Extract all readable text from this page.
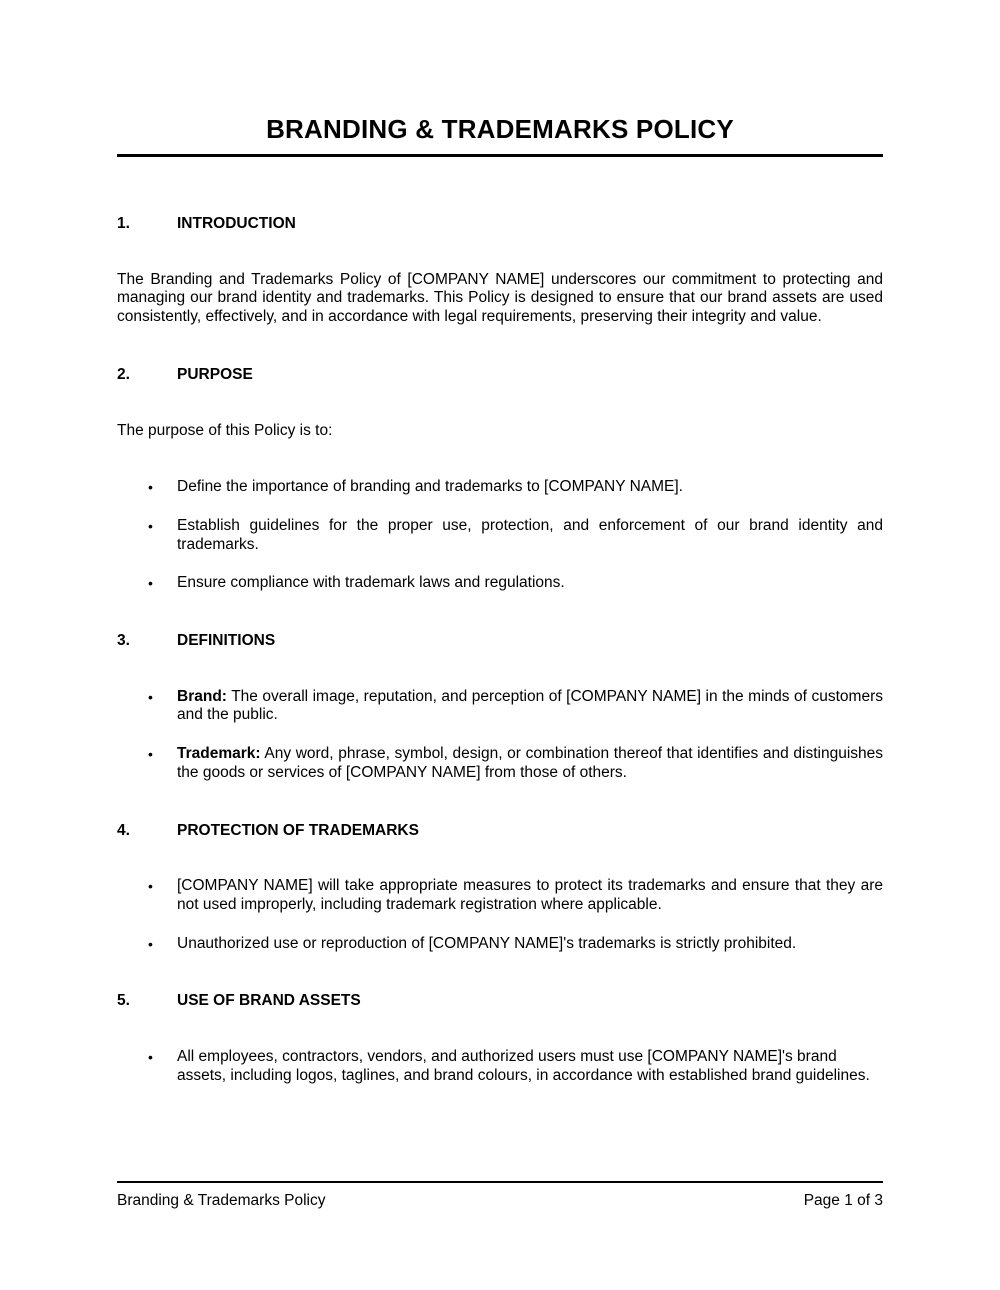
BRANDING & TRADEMARKS POLICY
1.	INTRODUCTION

The Branding and Trademarks Policy of [COMPANY NAME] underscores our commitment to protecting and managing our brand identity and trademarks. This Policy is designed to ensure that our brand assets are used consistently, effectively, and in accordance with legal requirements, preserving their integrity and value.

2.	PURPOSE

The purpose of this Policy is to:

•	Define the importance of branding and trademarks to [COMPANY NAME].
•	Establish guidelines for the proper use, protection, and enforcement of our brand identity and trademarks.
•	Ensure compliance with trademark laws and regulations.
3.	DEFINITIONS
•	Brand: The overall image, reputation, and perception of [COMPANY NAME] in the minds of customers and the public.
•	Trademark: Any word, phrase, symbol, design, or combination thereof that identifies and distinguishes the goods or services of [COMPANY NAME] from those of others.
4.	PROTECTION OF TRADEMARKS
•	[COMPANY NAME] will take appropriate measures to protect its trademarks and ensure that they are not used improperly, including trademark registration where applicable.
•	Unauthorized use or reproduction of [COMPANY NAME]'s trademarks is strictly prohibited.
5.	USE OF BRAND ASSETS
•	All employees, contractors, vendors, and authorized users must use [COMPANY NAME]'s brand assets, including logos, taglines, and brand colours, in accordance with established brand guidelines.
Branding & Trademarks Policy	Page 1 of 3
